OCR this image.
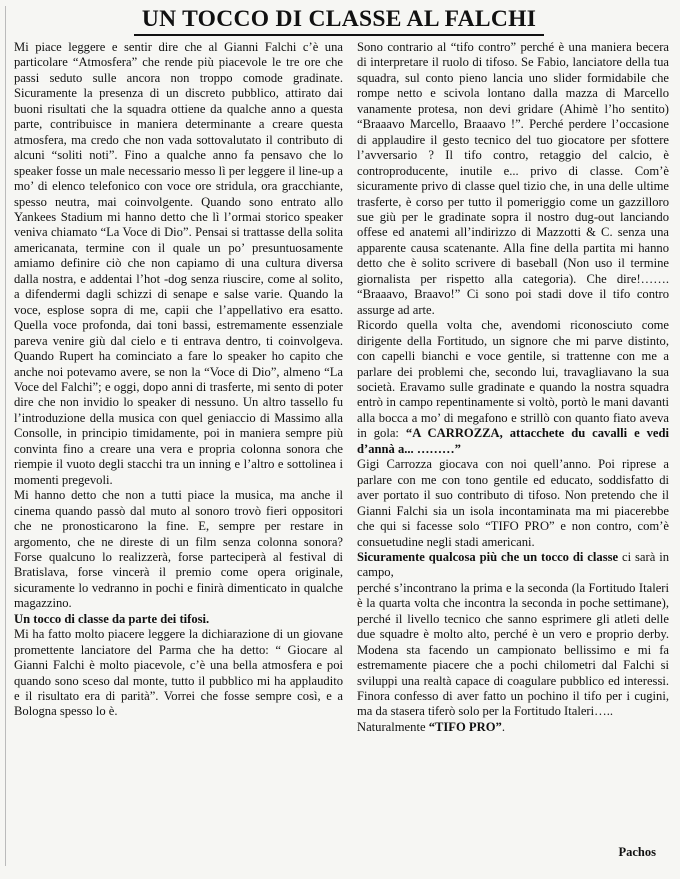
UN TOCCO DI CLASSE AL FALCHI

Mi piace leggere e sentir dire che al Gianni Falchi c’è una particolare “Atmosfera” che rende più piacevole le tre ore che passi seduto sulle ancora non troppo comode gradinate. Sicuramente la presenza di un discreto pubblico, attirato dai buoni risultati che la squadra ottiene da qualche anno a questa parte, contribuisce in maniera determinante a creare questa atmosfera, ma credo che non vada sottovalutato il contributo di alcuni “soliti noti”. Fino a qualche anno fa pensavo che lo speaker fosse un male necessario messo lì per leggere il line-up a mo’ di elenco telefonico con voce ore stridula, ora gracchiante, spesso neutra, mai coinvolgente. Quando sono entrato allo Yankees Stadium mi hanno detto che lì l’ormai storico speaker veniva chiamato “La Voce di Dio”. Pensai si trattasse della solita americanata, termine con il quale un po’ presuntuosamente amiamo definire ciò che non capiamo di una cultura diversa dalla nostra, e addentai l’hot -dog senza riuscire, come al solito, a difendermi dagli schizzi di senape e salse varie. Quando la voce, esplose sopra di me, capii che l’appellativo era esatto. Quella voce profonda, dai toni bassi, estremamente essenziale pareva venire giù dal cielo e ti entrava dentro, ti coinvolgeva. Quando Rupert ha cominciato a fare lo speaker ho capito che anche noi potevamo avere, se non la “Voce di Dio”, almeno “La Voce del Falchi”; e oggi, dopo anni di trasferte, mi sento di poter dire che non invidio lo speaker di nessuno. Un altro tassello fu l’introduzione della musica con quel geniaccio di Massimo alla Consolle, in principio timidamente, poi in maniera sempre più convinta fino a creare una vera e propria colonna sonora che riempie il vuoto degli stacchi tra un inning e l’altro e sottolinea i momenti pregevoli.

Mi hanno detto che non a tutti piace la musica, ma anche il cinema quando passò dal muto al sonoro trovò fieri oppositori che ne pronosticarono la fine. E, sempre per restare in argomento, che ne direste di un film senza colonna sonora? Forse qualcuno lo realizzerà, forse parteciperà al festival di Bratislava, forse vincerà il premio come opera originale, sicuramente lo vedranno in pochi e finirà dimenticato in qualche magazzino.

Un tocco di classe da parte dei tifosi.

Mi ha fatto molto piacere leggere la dichiarazione di un giovane promettente lanciatore del Parma che ha detto: “ Giocare al Gianni Falchi è molto piacevole, c’è una bella atmosfera e poi quando sono sceso dal monte, tutto il pubblico mi ha applaudito e il risultato era di parità”. Vorrei che fosse sempre così, e a Bologna spesso lo è.

Sono contrario al “tifo contro” perché è una maniera becera di interpretare il ruolo di tifoso. Se Fabio, lanciatore della tua squadra, sul conto pieno lancia uno slider formidabile che rompe netto e scivola lontano dalla mazza di Marcello vanamente protesa, non devi gridare (Ahimè l’ho sentito) “Braaavo Marcello, Braaavo !”. Perché perdere l’occasione di applaudire il gesto tecnico del tuo giocatore per sfottere l’avversario ? Il tifo contro, retaggio del calcio, è controproducente, inutile e... privo di classe. Com’è sicuramente privo di classe quel tizio che, in una delle ultime trasferte, è corso per tutto il pomeriggio come un gazzilloro sue giù per le gradinate sopra il nostro dug-out lanciando offese ed anatemi all’indirizzo di Mazzotti & C. senza una apparente causa scatenante. Alla fine della partita mi hanno detto che è solito scrivere di baseball (Non uso il termine giornalista per rispetto alla categoria). Che dire!……. “Braaavo, Braavo!” Ci sono poi stadi dove il tifo contro assurge ad arte.

Ricordo quella volta che, avendomi riconosciuto come dirigente della Fortitudo, un signore che mi parve distinto, con capelli bianchi e voce gentile, si trattenne con me a parlare dei problemi che, secondo lui, travagliavano la sua società. Eravamo sulle gradinate e quando la nostra squadra entrò in campo repentinamente si voltò, portò le mani davanti alla bocca a mo’ di megafono e strillò con quanto fiato aveva in gola: “A CARROZZA, attacchete du cavalli e vedi d’annà a... ………”

Gigi Carrozza giocava con noi quell’anno. Poi riprese a parlare con me con tono gentile ed educato, soddisfatto di aver portato il suo contributo di tifoso. Non pretendo che il Gianni Falchi sia un isola incontaminata ma mi piacerebbe che qui si facesse solo “TIFO PRO” e non contro, com’è consuetudine negli stadi americani.

Sicuramente qualcosa più che un tocco di classe ci sarà in campo,

perché s’incontrano la prima e la seconda (la Fortitudo Italeri è la quarta volta che incontra la seconda in poche settimane), perché il livello tecnico che sanno esprimere gli atleti delle due squadre è molto alto, perché è un vero e proprio derby. Modena sta facendo un campionato bellissimo e mi fa estremamente piacere che a pochi chilometri dal Falchi si sviluppi una realtà capace di coagulare pubblico ed interessi. Finora confesso di aver fatto un pochino il tifo per i cugini, ma da stasera tiferò solo per la Fortitudo Italeri…..

Naturalmente “TIFO PRO”.

Pachos
